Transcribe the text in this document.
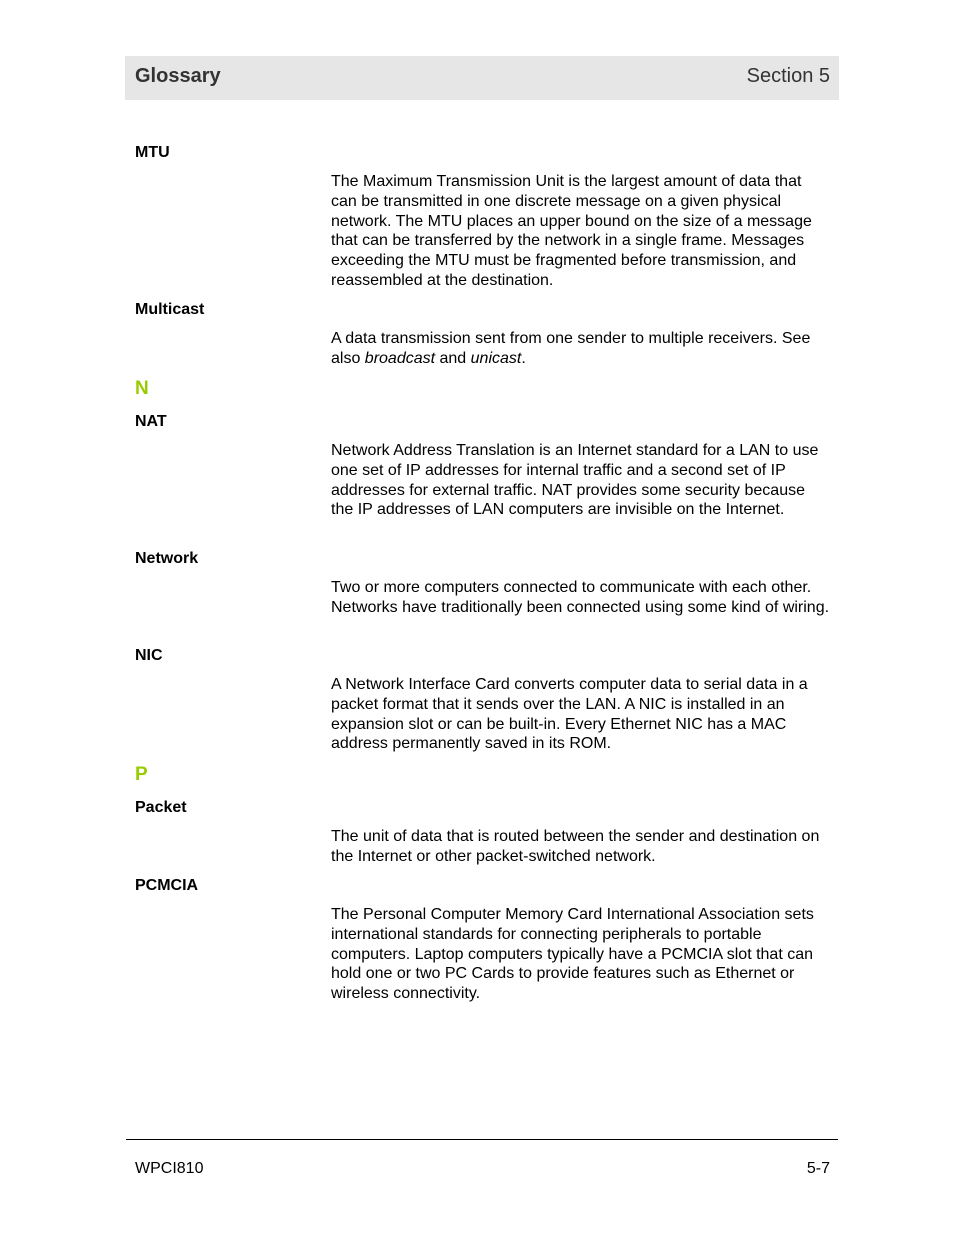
Glossary	Section 5
MTU

The Maximum Transmission Unit is the largest amount of data that can be transmitted in one discrete message on a given physical network. The MTU places an upper bound on the size of a message that can be transferred by the network in a single frame. Messages exceeding the MTU must be fragmented before transmission, and reassembled at the destination.

Multicast

A data transmission sent from one sender to multiple receivers. See also broadcast and unicast.

N
NAT

Network Address Translation is an Internet standard for a LAN to use one set of IP addresses for internal traffic and a second set of IP addresses for external traffic. NAT provides some security because the IP addresses of LAN computers are invisible on the Internet.

Network

Two or more computers connected to communicate with each other. Networks have traditionally been connected using some kind of wiring.

NIC

A Network Interface Card converts computer data to serial data in a packet format that it sends over the LAN. A NIC is installed in an expansion slot or can be built-in. Every Ethernet NIC has a MAC address permanently saved in its ROM.

P
Packet

The unit of data that is routed between the sender and destination on the Internet or other packet-switched network.

PCMCIA

The Personal Computer Memory Card International Association sets international standards for connecting peripherals to portable computers. Laptop computers typically have a PCMCIA slot that can hold one or two PC Cards to provide features such as Ethernet or wireless connectivity.

WPCI810	5-7
